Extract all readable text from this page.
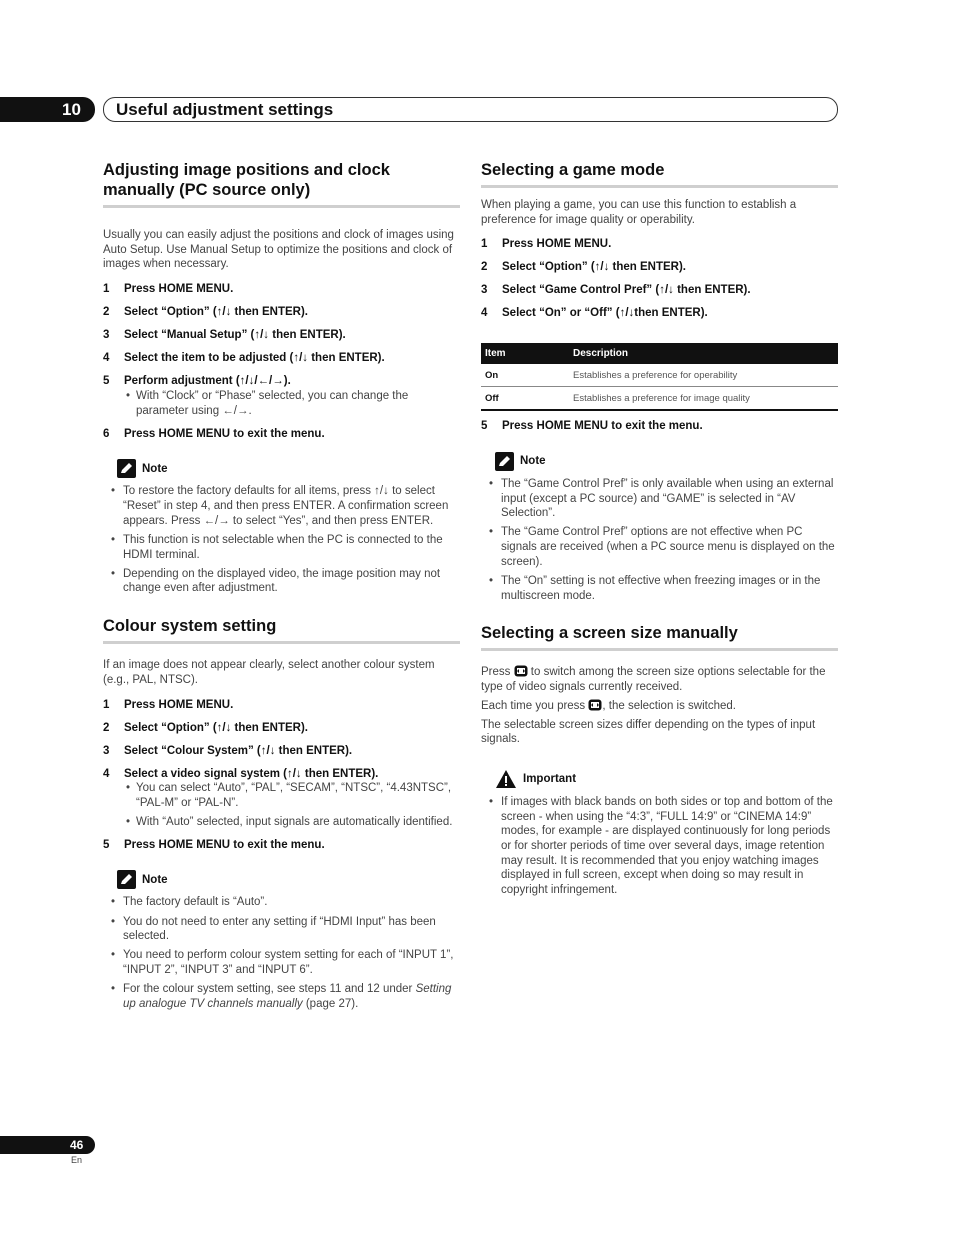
10 Useful adjustment settings
Adjusting image positions and clock manually (PC source only)

Usually you can easily adjust the positions and clock of images using Auto Setup. Use Manual Setup to optimize the positions and clock of images when necessary.

1 Press HOME MENU.
2 Select “Option” (↑/↓ then ENTER).
3 Select “Manual Setup” (↑/↓ then ENTER).
4 Select the item to be adjusted (↑/↓ then ENTER).
5 Perform adjustment (↑/↓/←/→).
• With “Clock” or “Phase” selected, you can change the parameter using ←/→.
6 Press HOME MENU to exit the menu.
Note
• To restore the factory defaults for all items, press ↑/↓ to select “Reset” in step 4, and then press ENTER. A confirmation screen appears. Press ←/→ to select “Yes”, and then press ENTER.
• This function is not selectable when the PC is connected to the HDMI terminal.
• Depending on the displayed video, the image position may not change even after adjustment.
Colour system setting

If an image does not appear clearly, select another colour system (e.g., PAL, NTSC).

1 Press HOME MENU.
2 Select “Option” (↑/↓ then ENTER).
3 Select “Colour System” (↑/↓ then ENTER).
4 Select a video signal system (↑/↓ then ENTER).
• You can select “Auto”, “PAL”, “SECAM”, “NTSC”, “4.43NTSC”, “PAL-M” or “PAL-N”.
• With “Auto” selected, input signals are automatically identified.
5 Press HOME MENU to exit the menu.
Note
• The factory default is “Auto”.
• You do not need to enter any setting if “HDMI Input” has been selected.
• You need to perform colour system setting for each of “INPUT 1”, “INPUT 2”, “INPUT 3” and “INPUT 6”.
• For the colour system setting, see steps 11 and 12 under Setting up analogue TV channels manually (page 27).
Selecting a game mode

When playing a game, you can use this function to establish a preference for image quality or operability.

1 Press HOME MENU.
2 Select “Option” (↑/↓ then ENTER).
3 Select “Game Control Pref” (↑/↓ then ENTER).
4 Select “On” or “Off” (↑/↓then ENTER).
Item	Description
On	Establishes a preference for operability
Off	Establishes a preference for image quality
5 Press HOME MENU to exit the menu.
Note
• The “Game Control Pref” is only available when using an external input (except a PC source) and “GAME” is selected in “AV Selection”.
• The “Game Control Pref” options are not effective when PC signals are received (when a PC source menu is displayed on the screen).
• The “On” setting is not effective when freezing images or in the multiscreen mode.
Selecting a screen size manually

Press  to switch among the screen size options selectable for the type of video signals currently received.

Each time you press , the selection is switched.

The selectable screen sizes differ depending on the types of input signals.

Important
• If images with black bands on both sides or top and bottom of the screen - when using the “4:3”, “FULL 14:9” or “CINEMA 14:9” modes, for example - are displayed continuously for long periods or for shorter periods of time over several days, image retention may result. It is recommended that you enjoy watching images displayed in full screen, except when doing so may result in copyright infringement.
46
En
